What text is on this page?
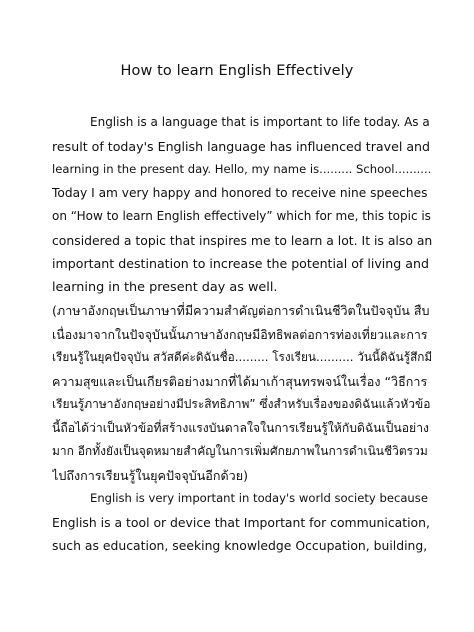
How to learn English Effectively
English is a language that is important to life today. As a
result of today's English language has influenced travel and
learning in the present day. Hello, my name is......... School..........
Today I am very happy and honored to receive nine speeches
on “How to learn English effectively” which for me, this topic is
considered a topic that inspires me to learn a lot. It is also an
important destination to increase the potential of living and
learning in the present day as well.
(ภาษาอังกฤษเป็นภาษาที่มีความสำคัญต่อการดำเนินชีวิตในปัจจุบัน สืบ
เนื่องมาจากในปัจจุบันนั้นภาษาอังกฤษมีอิทธิพลต่อการท่องเที่ยวและการ
เรียนรู้ในยุคปัจจุบัน สวัสดีค่ะดิฉันชื่อ......... โรงเรียน.......... วันนี้ดิฉันรู้สึกมี
ความสุขและเป็นเกียรติอย่างมากที่ได้มาเก้าสุนทรพจน์ในเรื่อง “วิธีการ
เรียนรู้ภาษาอังกฤษอย่างมีประสิทธิภาพ” ซึ่งสำหรับเรื่องของดิฉันแล้วหัวข้อ
นี้ถือได้ว่าเป็นหัวข้อที่สร้างแรงบันดาลใจในการเรียนรู้ให้กับดิฉันเป็นอย่าง
มาก อีกทั้งยังเป็นจุดหมายสำคัญในการเพิ่มศักยภาพในการดำเนินชีวิตรวม
ไปถึงการเรียนรู้ในยุคปัจจุบันอีกด้วย)
English is very important in today's world society because
English is a tool or device that Important for communication,
such as education, seeking knowledge Occupation, building,
